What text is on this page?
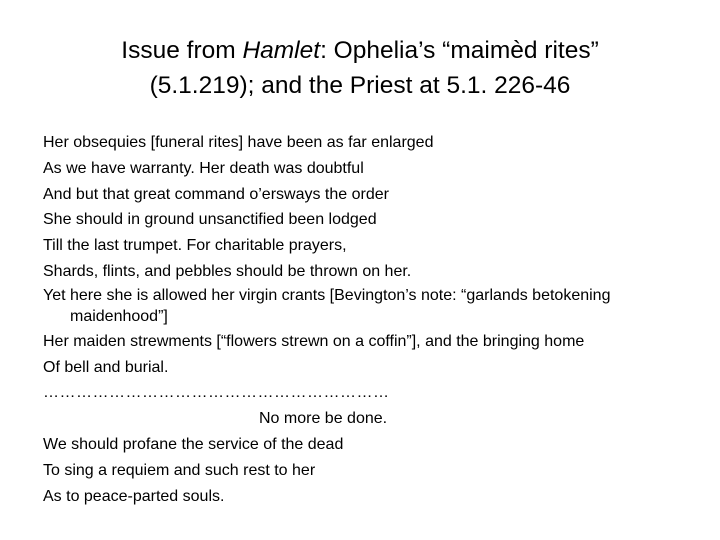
Issue from Hamlet: Ophelia’s “maimèd rites”
(5.1.219); and the Priest at 5.1. 226-46
Her obsequies [funeral rites] have been as far enlarged
As we have warranty. Her death was doubtful
And but that great command o’ersways the order
She should in ground unsanctified been lodged
Till the last trumpet. For charitable prayers,
Shards, flints, and pebbles should be thrown on her.
Yet here she is allowed her virgin crants [Bevington’s note: “garlands betokening maidenhood”]
Her maiden strewments [“flowers strewn on a coffin”], and the bringing home
Of bell and burial.
………………………………………………………
No more be done.
We should profane the service of the dead
To sing a requiem and such rest to her
As to peace-parted souls.
